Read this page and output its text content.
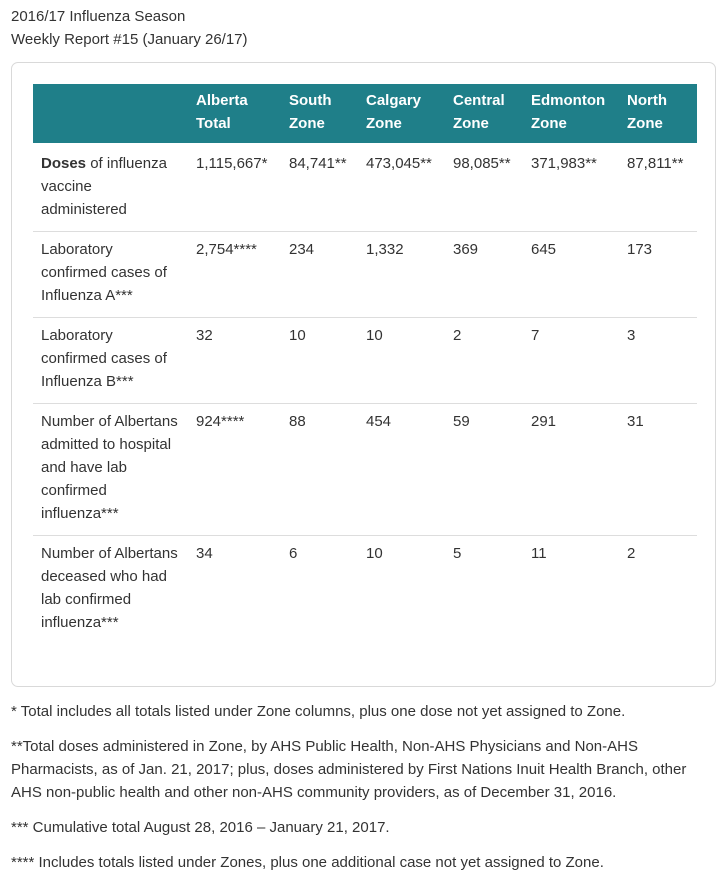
2016/17 Influenza Season
Weekly Report #15 (January 26/17)
	Alberta Total	South Zone	Calgary Zone	Central Zone	Edmonton Zone	North Zone
Doses of influenza vaccine administered	1,115,667*	84,741**	473,045**	98,085**	371,983**	87,811**
Laboratory confirmed cases of Influenza A***	2,754****	234	1,332	369	645	173
Laboratory confirmed cases of Influenza B***	32	10	10	2	7	3
Number of Albertans admitted to hospital and have lab confirmed influenza***	924****	88	454	59	291	31
Number of Albertans deceased who had lab confirmed influenza***	34	6	10	5	11	2

* Total includes all totals listed under Zone columns, plus one dose not yet assigned to Zone.

**Total doses administered in Zone, by AHS Public Health, Non-AHS Physicians and Non-AHS Pharmacists, as of Jan. 21, 2017; plus, doses administered by First Nations Inuit Health Branch, other AHS non-public health and other non-AHS community providers, as of December 31, 2016.

*** Cumulative total August 28, 2016 – January 21, 2017.

**** Includes totals listed under Zones, plus one additional case not yet assigned to Zone.
